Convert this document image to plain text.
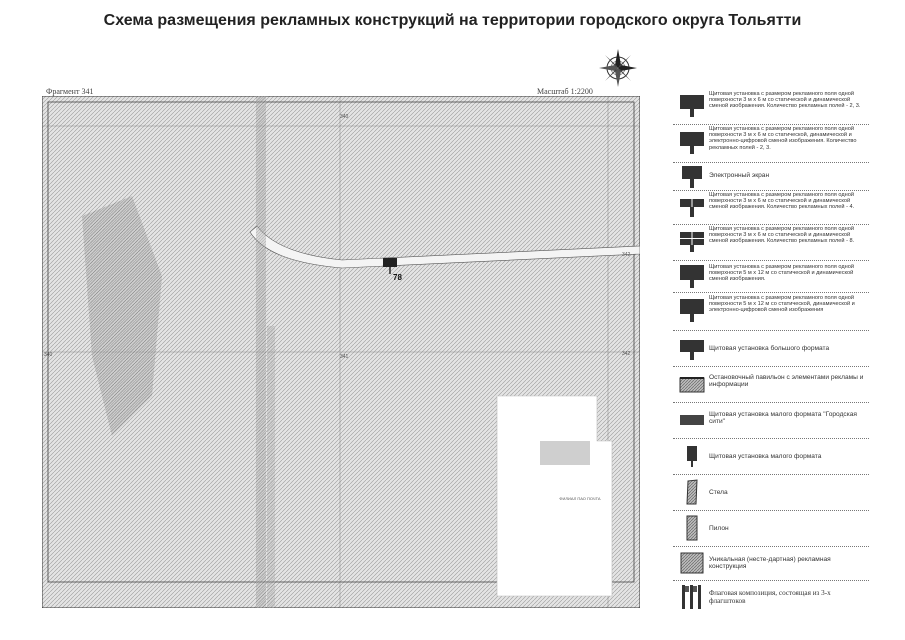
Схема размещения рекламных конструкций на территории городского округа Тольятти
Фрагмент 341	Масштаб 1:2200
78
340
341	342
340
342
ФИЛИАЛ ПАО ПОЧТА
Щитовая установка с размером рекламного поля одной поверхности 3 м х 6 м со статической и динамической сменой изображения. Количество рекламных полей - 2, 3.
Щитовая установка с размером рекламного поля одной поверхности 3 м х 6 м со статической, динамической и электронно-цифровой сменой изображения. Количество рекламных полей - 2, 3.
Электронный экран
Щитовая установка с размером рекламного поля одной поверхности 3 м х 6 м со статической и динамической сменой изображения. Количество рекламных полей - 4.
Щитовая установка с размером рекламного поля одной поверхности 3 м х 6 м со статической и динамической сменой изображения. Количество рекламных полей - 8.
Щитовая установка с размером рекламного поля одной поверхности 5 м х 12 м со статической и динамической сменой изображения.
Щитовая установка с размером рекламного поля одной поверхности 5 м х 12 м со статической, динамической и электронно-цифровой сменой изображения
Щитовая установка большого формата
Остановочный павильон с элементами рекламы и информации
Щитовая установка малого формата "Городская сити"
Щитовая установка малого формата
Стела
Пилон
Уникальная (несте-дартная) рекламная конструкция
Флаговая композиция, состоящая из 3-х флагштоков
